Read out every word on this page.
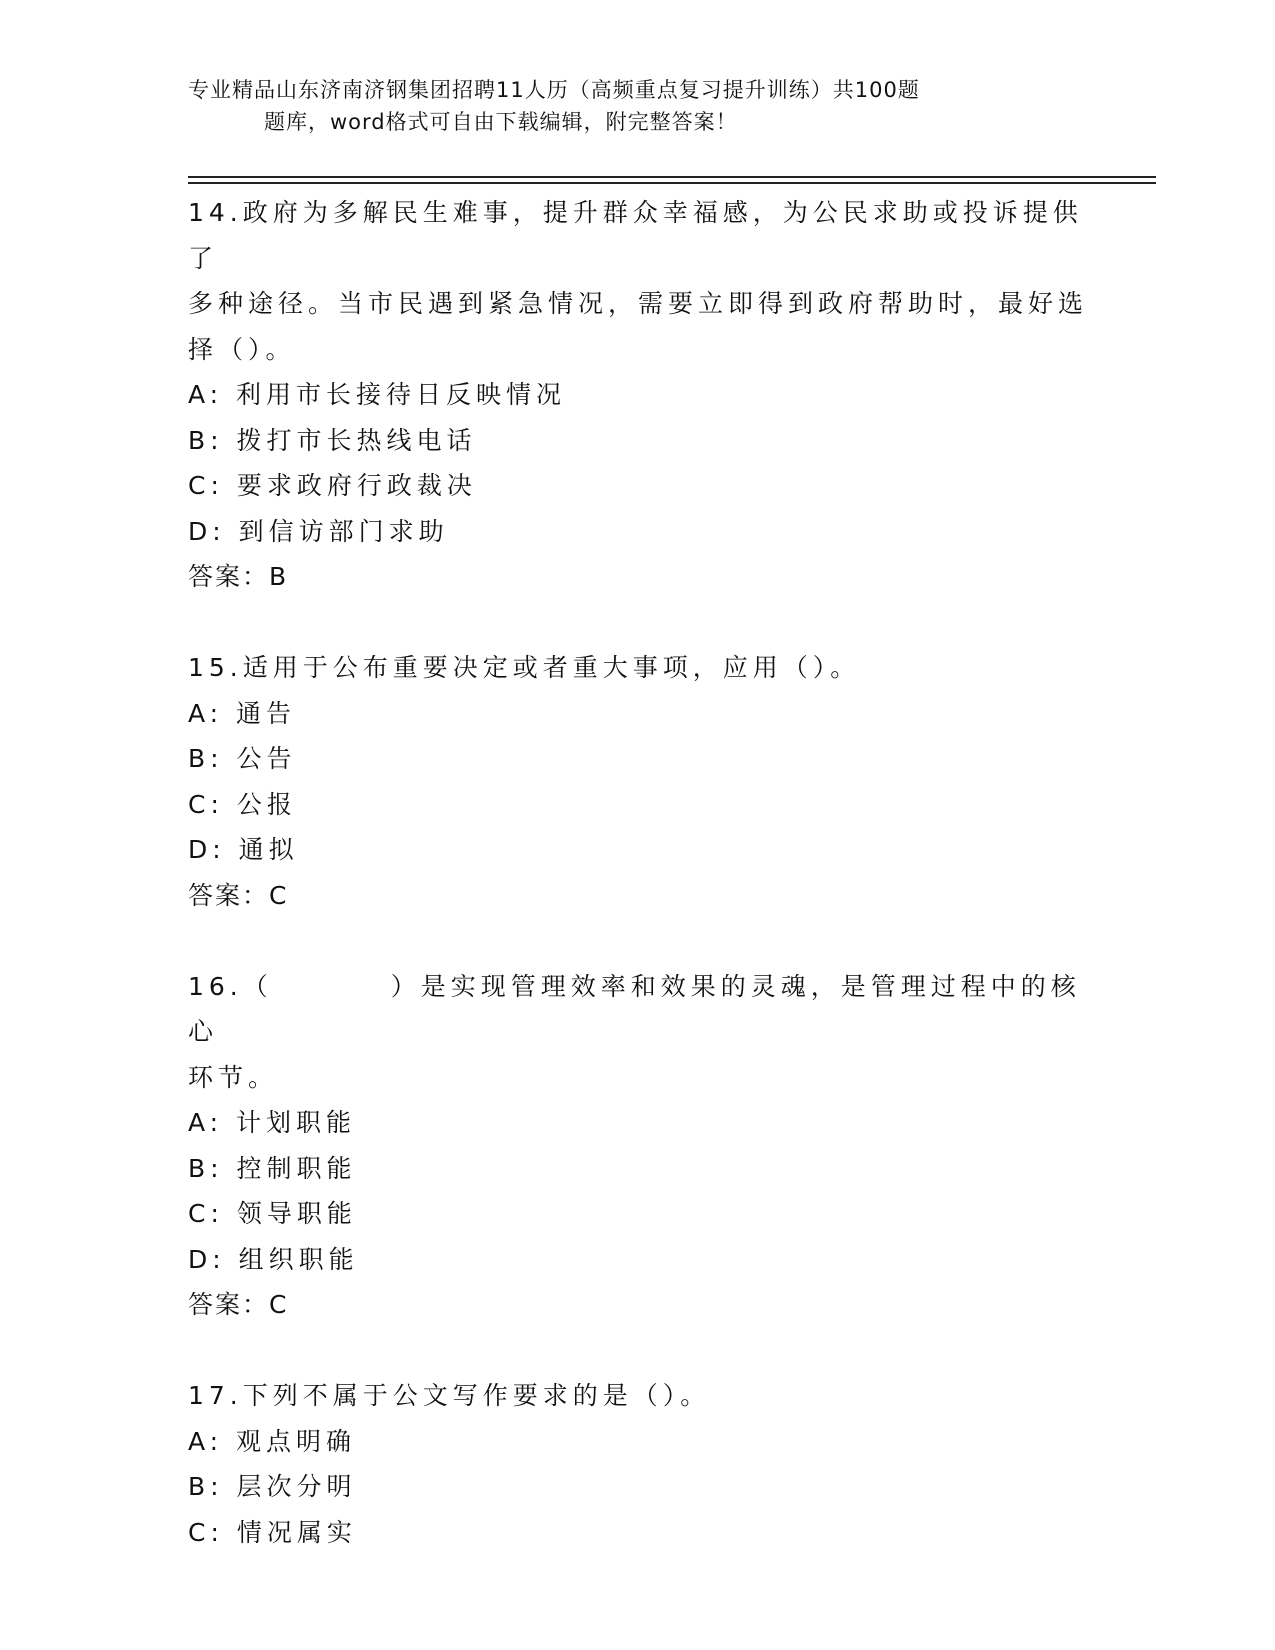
专业精品山东济南济钢集团招聘11人历（高频重点复习提升训练）共100题
题库，word格式可自由下载编辑，附完整答案！
14.政府为多解民生难事，提升群众幸福感，为公民求助或投诉提供了
多种途径。当市民遇到紧急情况，需要立即得到政府帮助时，最好选
择（）。
A: 利用市长接待日反映情况
B: 拨打市长热线电话
C: 要求政府行政裁决
D: 到信访部门求助
答案：B
15.适用于公布重要决定或者重大事项，应用（）。
A: 通告
B: 公告
C: 公报
D: 通拟
答案：C
16.（	）是实现管理效率和效果的灵魂，是管理过程中的核心
环节。
A: 计划职能
B: 控制职能
C: 领导职能
D: 组织职能
答案：C
17.下列不属于公文写作要求的是（）。
A: 观点明确
B: 层次分明
C: 情况属实
